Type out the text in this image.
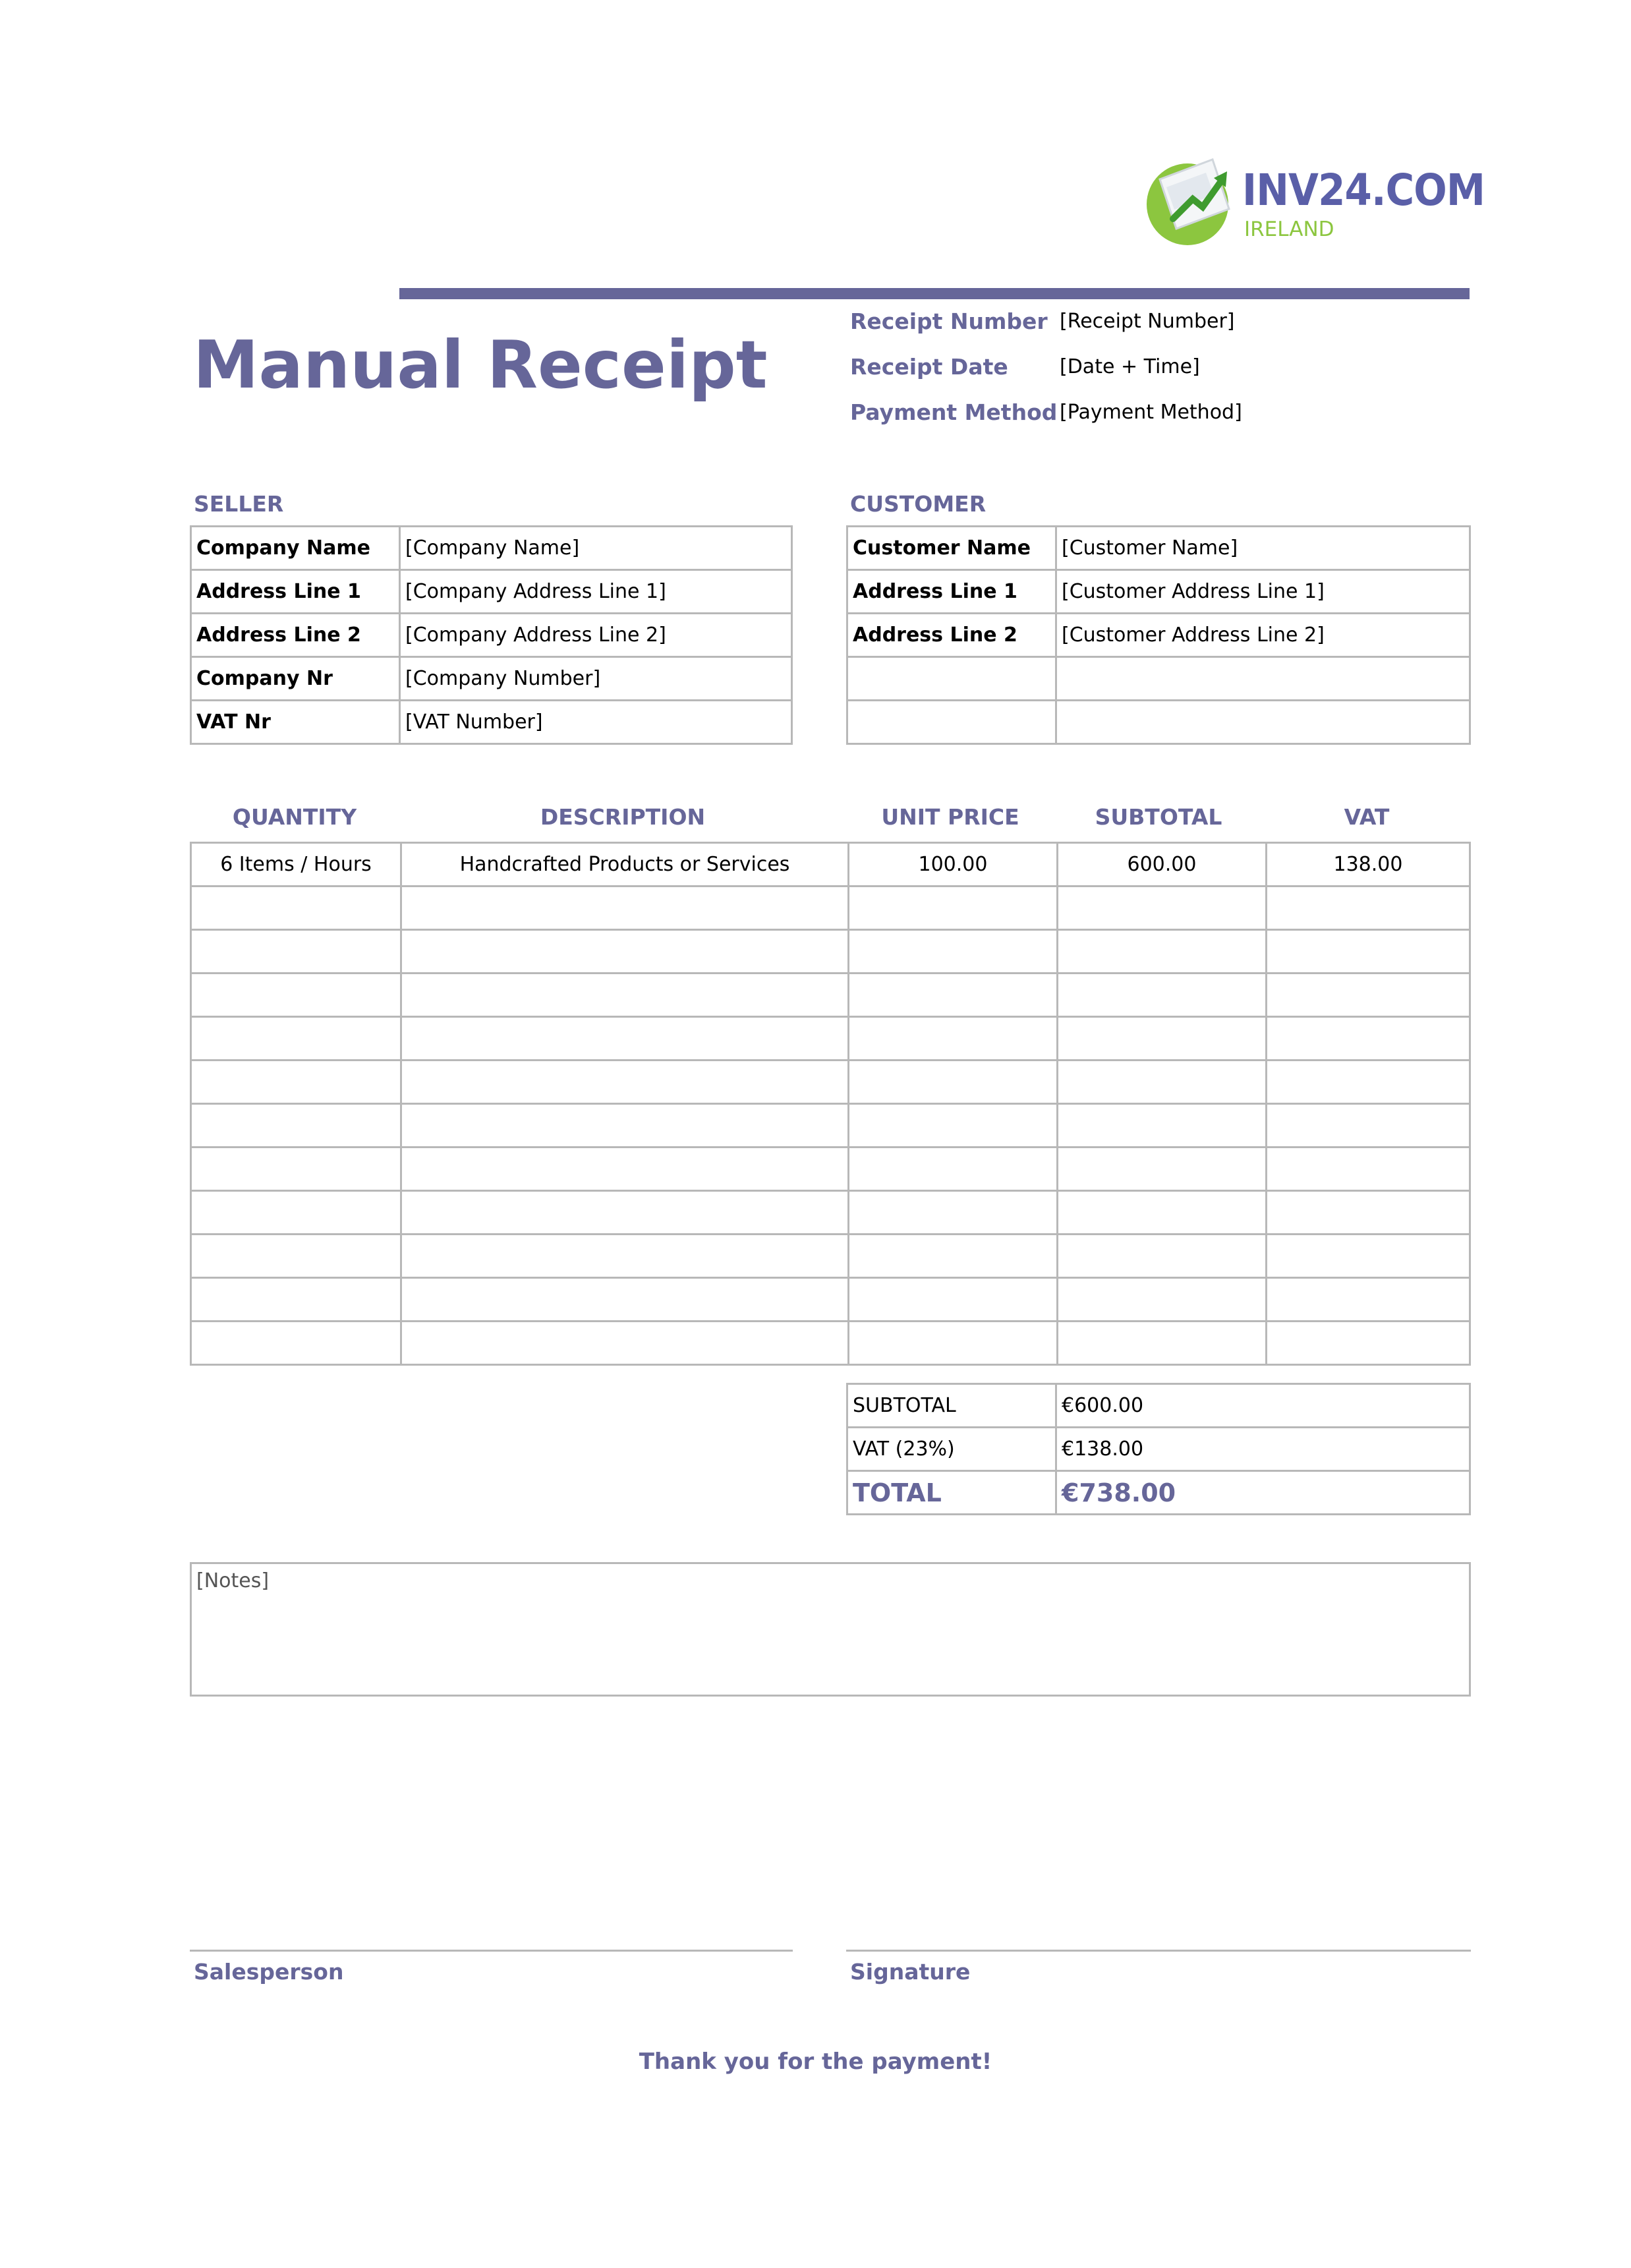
INV24.COM
IRELAND
Manual Receipt
Receipt Number [Receipt Number]
Receipt Date	[Date + Time]
Payment Method [Payment Method]
SELLER
Company Name	[Company Name]
Address Line 1	[Company Address Line 1]
Address Line 2	[Company Address Line 2]
Company Nr	[Company Number]
VAT Nr	[VAT Number]
CUSTOMER
Customer Name	[Customer Name]
Address Line 1	[Customer Address Line 1]
Address Line 2	[Customer Address Line 2]

QUANTITY	DESCRIPTION	UNIT PRICE	SUBTOTAL	VAT
6 Items / Hours	Handcrafted Products or Services	100.00	600.00	138.00

SUBTOTAL	€600.00
VAT (23%)	€138.00
TOTAL	€738.00
[Notes]
Salesperson	Signature
Thank you for the payment!
